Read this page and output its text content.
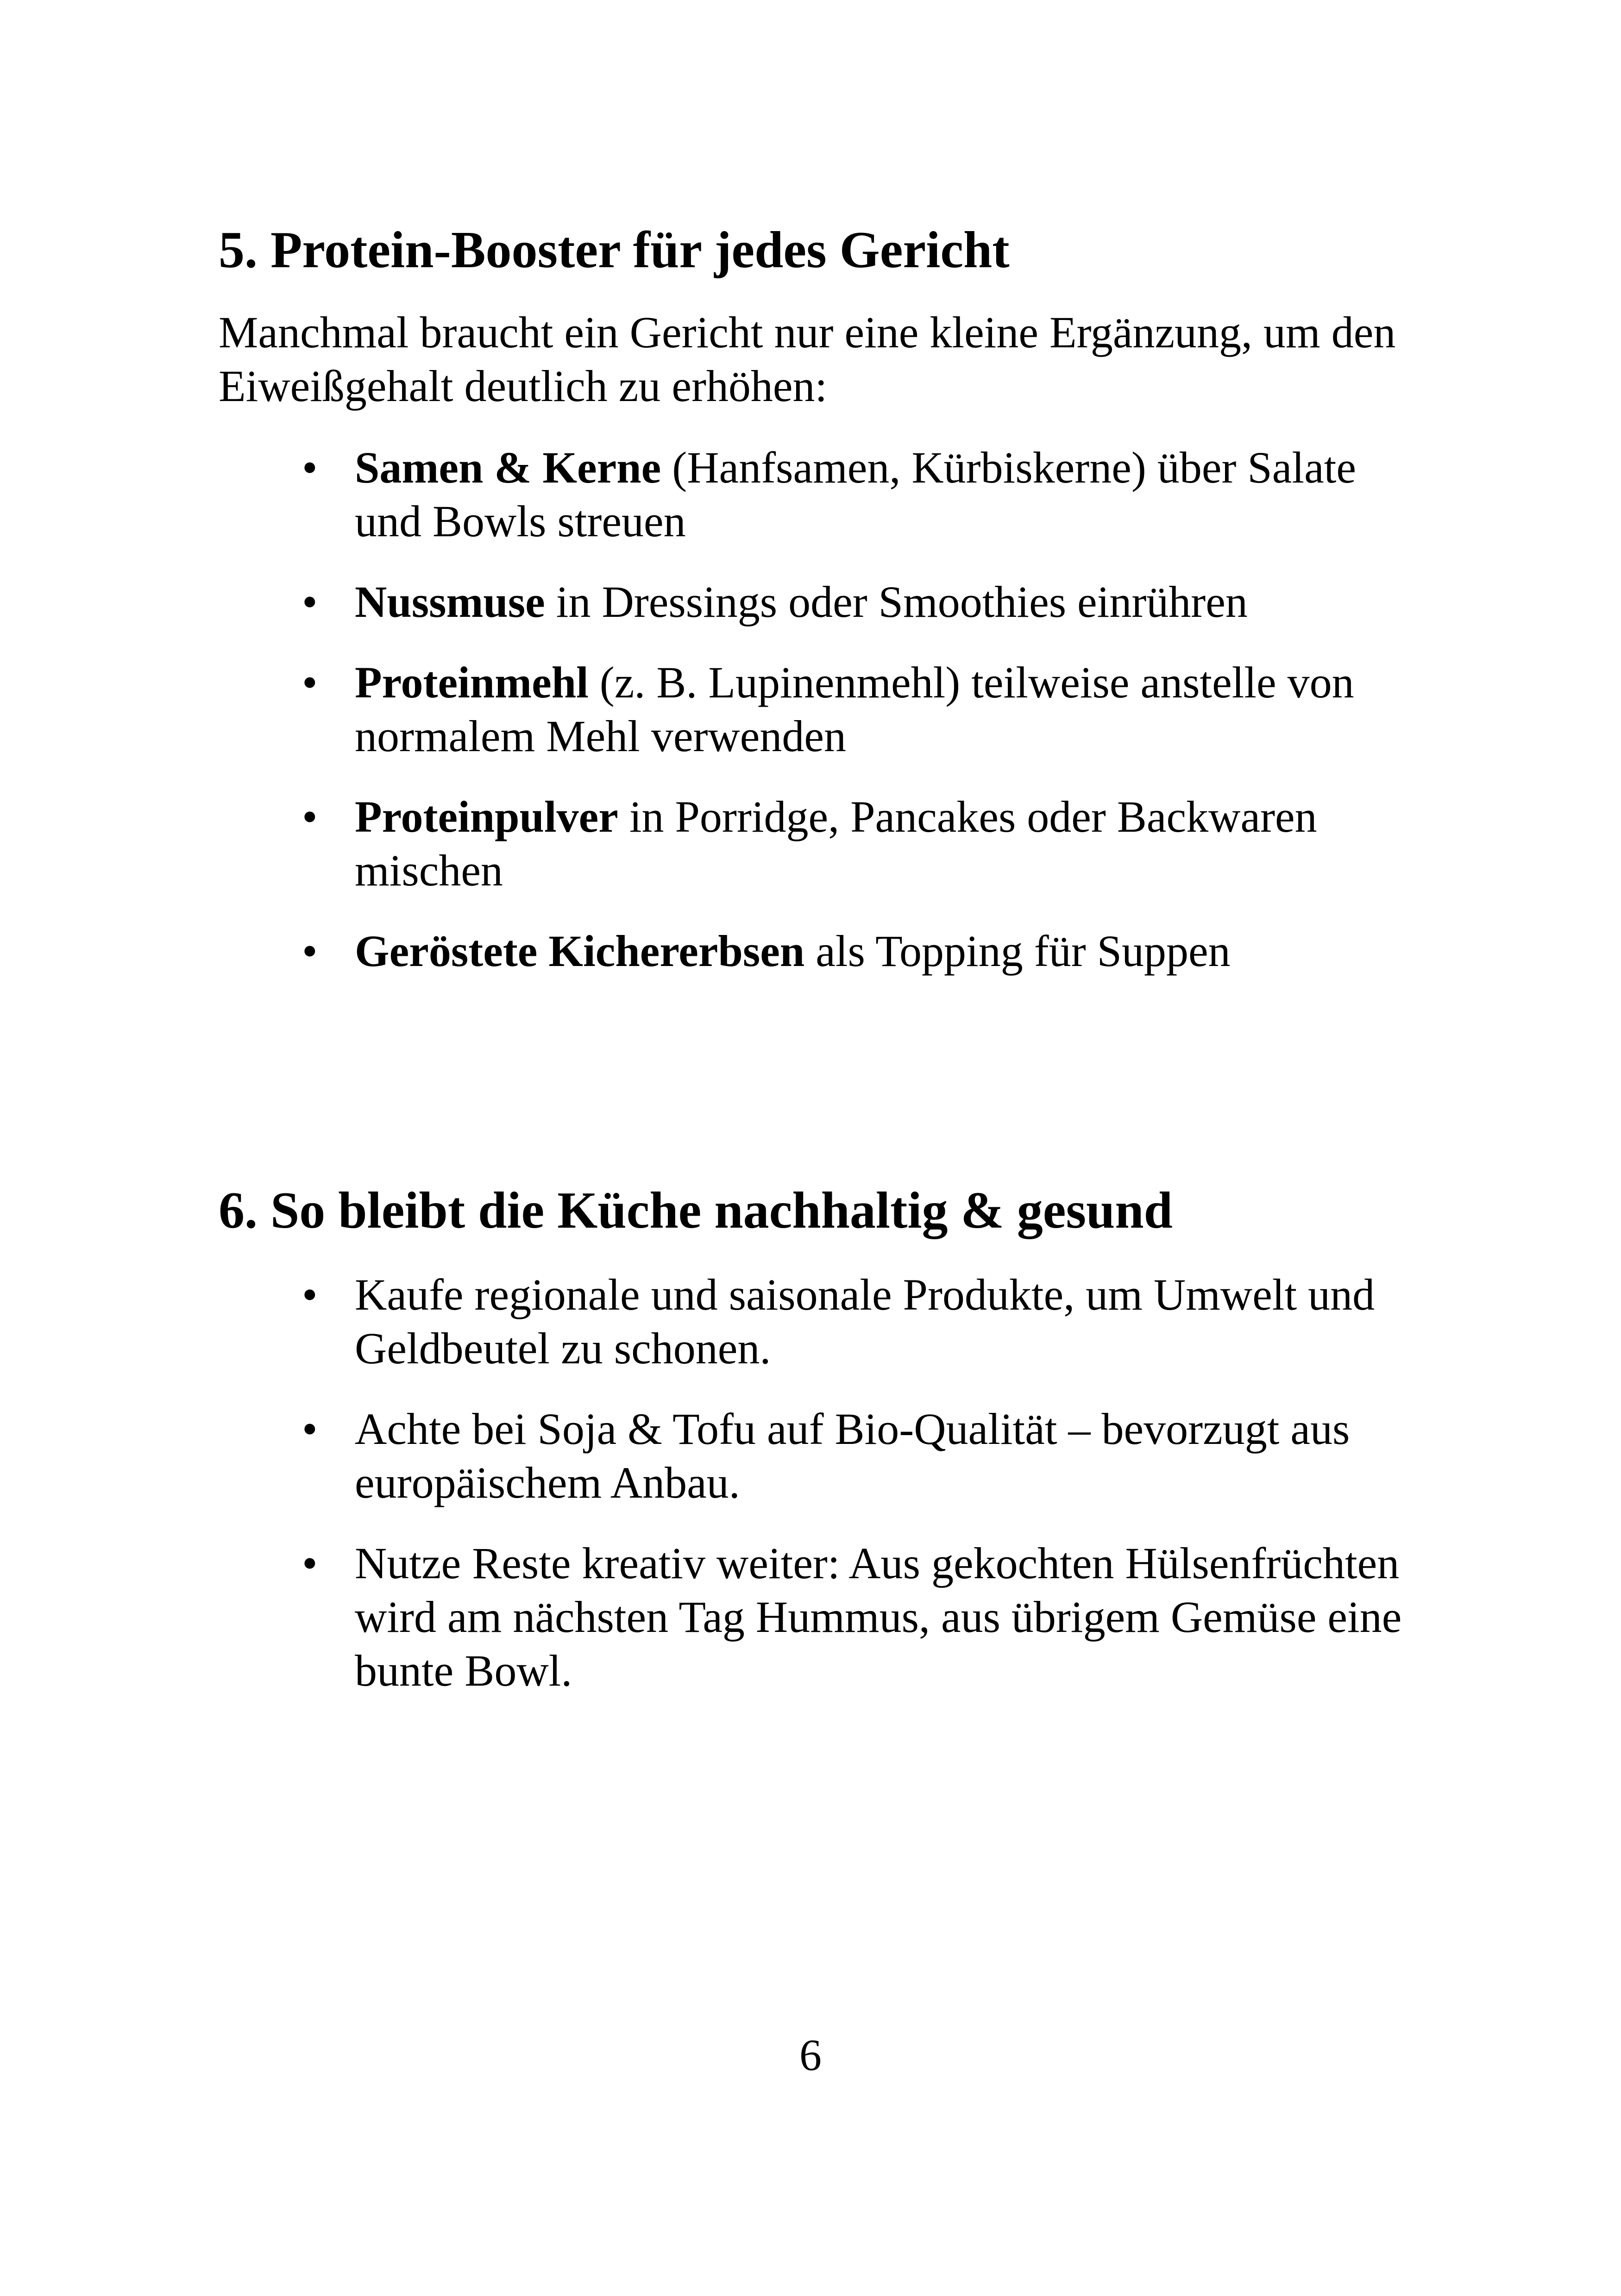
5. Protein-Booster für jedes Gericht

Manchmal braucht ein Gericht nur eine kleine Ergänzung, um den Eiweißgehalt deutlich zu erhöhen:

• Samen & Kerne (Hanfsamen, Kürbiskerne) über Salate und Bowls streuen
• Nussmuse in Dressings oder Smoothies einrühren
• Proteinmehl (z. B. Lupinenmehl) teilweise anstelle von normalem Mehl verwenden
• Proteinpulver in Porridge, Pancakes oder Backwaren mischen
• Geröstete Kichererbsen als Topping für Suppen
6. So bleibt die Küche nachhaltig & gesund
• Kaufe regionale und saisonale Produkte, um Umwelt und Geldbeutel zu schonen.
• Achte bei Soja & Tofu auf Bio-Qualität – bevorzugt aus europäischem Anbau.
• Nutze Reste kreativ weiter: Aus gekochten Hülsenfrüchten wird am nächsten Tag Hummus, aus übrigem Gemüse eine bunte Bowl.
6
